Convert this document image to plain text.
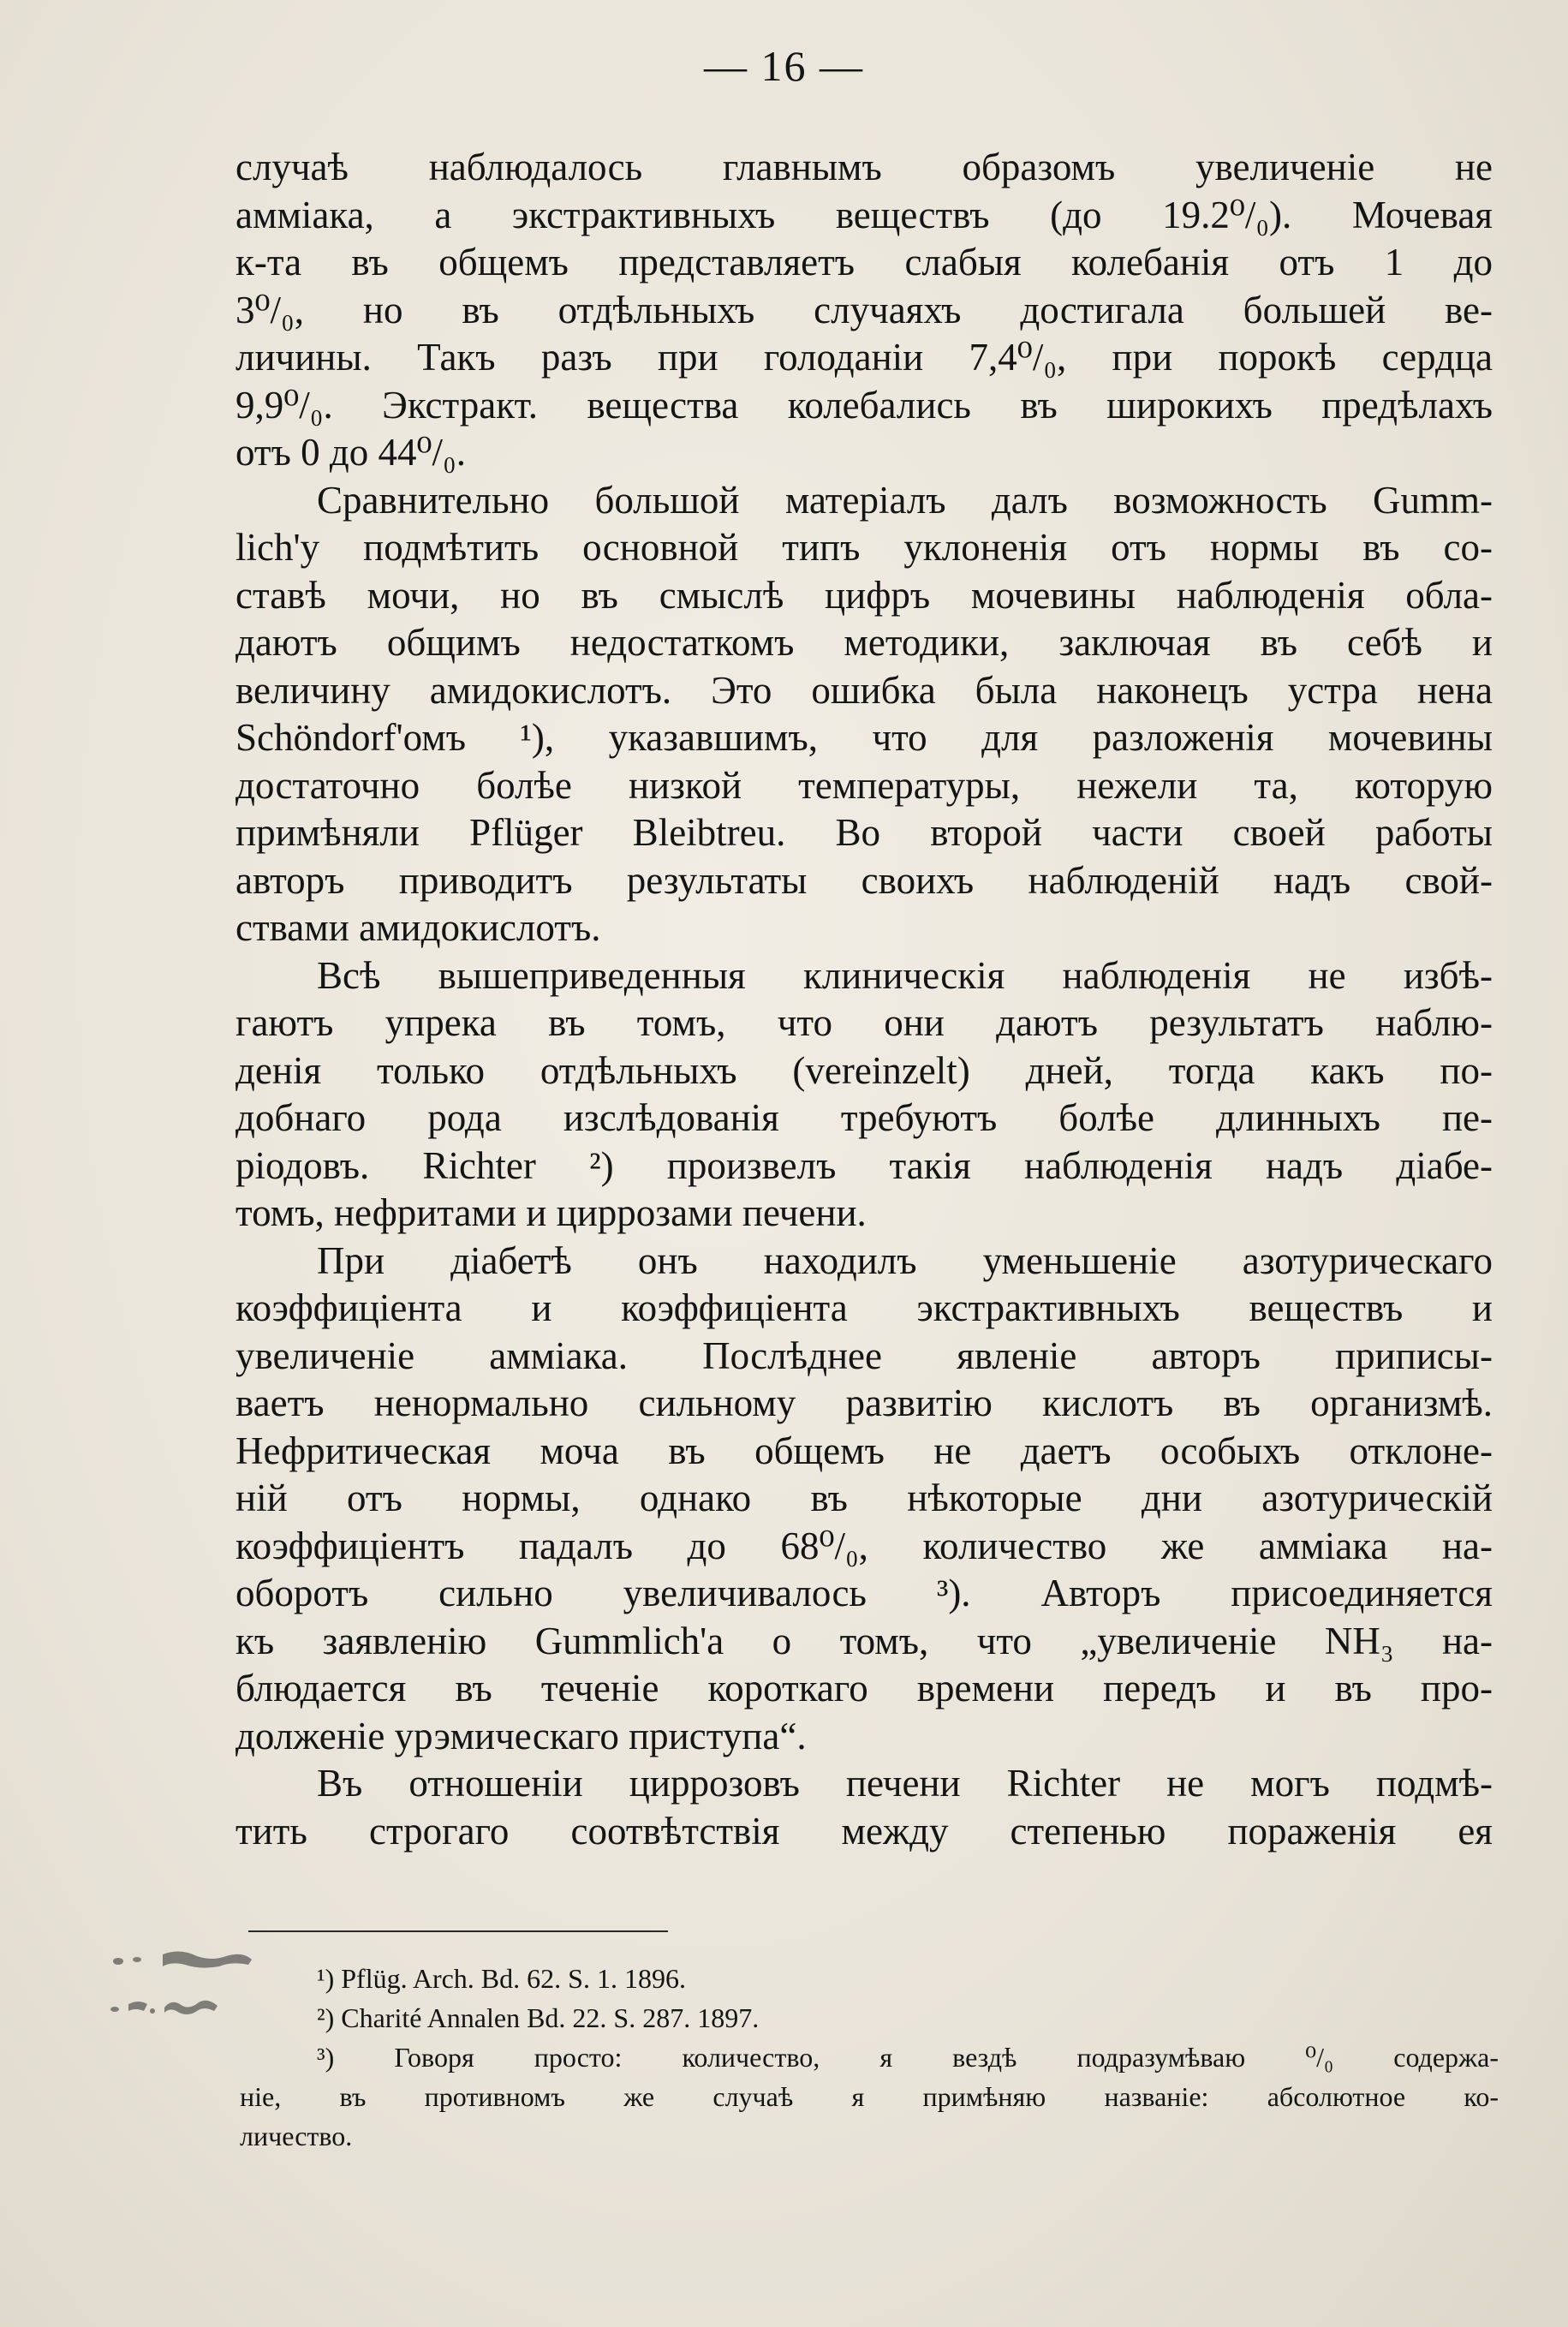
— 16 —
случаѣ наблюдалось главнымъ образомъ увеличеніе не
амміака, а экстрактивныхъ веществъ (до 19.2⁰/₀). Мочевая
к-та въ общемъ представляетъ слабыя колебанія отъ 1 до
3⁰/₀, но въ отдѣльныхъ случаяхъ достигала большей ве-
личины. Такъ разъ при голоданіи 7,4⁰/₀, при порокѣ сердца
9,9⁰/₀. Экстракт. вещества колебались въ широкихъ предѣлахъ
отъ 0 до 44⁰/₀.
Сравнительно большой матеріалъ далъ возможность Gumm-
lich'у подмѣтить основной типъ уклоненія отъ нормы въ со-
ставѣ мочи, но въ смыслѣ цифръ мочевины наблюденія обла-
даютъ общимъ недостаткомъ методики, заключая въ себѣ и
величину амидокислотъ. Это ошибка была наконецъ устра нена
Schöndorf'омъ ¹), указавшимъ, что для разложенія мочевины
достаточно болѣе низкой температуры, нежели та, которую
примѣняли Pflüger Bleibtreu. Во второй части своей работы
авторъ приводитъ результаты своихъ наблюденій надъ свой-
ствами амидокислотъ.
Всѣ вышеприведенныя клиническія наблюденія не избѣ-
гаютъ упрека въ томъ, что они даютъ результатъ наблю-
денія только отдѣльныхъ (vereinzelt) дней, тогда какъ по-
добнаго рода изслѣдованія требуютъ болѣе длинныхъ пе-
ріодовъ. Richter ²) произвелъ такія наблюденія надъ діабе-
томъ, нефритами и циррозами печени.
При діабетѣ онъ находилъ уменьшеніе азотурическаго
коэффиціента и коэффиціента экстрактивныхъ веществъ и
увеличеніе амміака. Послѣднее явленіе авторъ приписы-
ваетъ ненормально сильному развитію кислотъ въ организмѣ.
Нефритическая моча въ общемъ не даетъ особыхъ отклоне-
ній отъ нормы, однако въ нѣкоторые дни азотурическій
коэффиціентъ падалъ до 68⁰/₀, количество же амміака на-
оборотъ сильно увеличивалось ³). Авторъ присоединяется
къ заявленію Gummlich'а о томъ, что „увеличеніе NH₃ на-
блюдается въ теченіе короткаго времени передъ и въ про-
долженіе урэмическаго приступа“.
Въ отношеніи циррозовъ печени Richter не могъ подмѣ-
тить строгаго соотвѣтствія между степенью пораженія ея
¹) Pflüg. Arch. Bd. 62. S. 1. 1896.
²) Charité Annalen Bd. 22. S. 287. 1897.
³) Говоря просто: количество, я вездѣ подразумѣваю ⁰/₀ содержа-
ніе, въ противномъ же случаѣ я примѣняю названіе: абсолютное ко-
личество.
